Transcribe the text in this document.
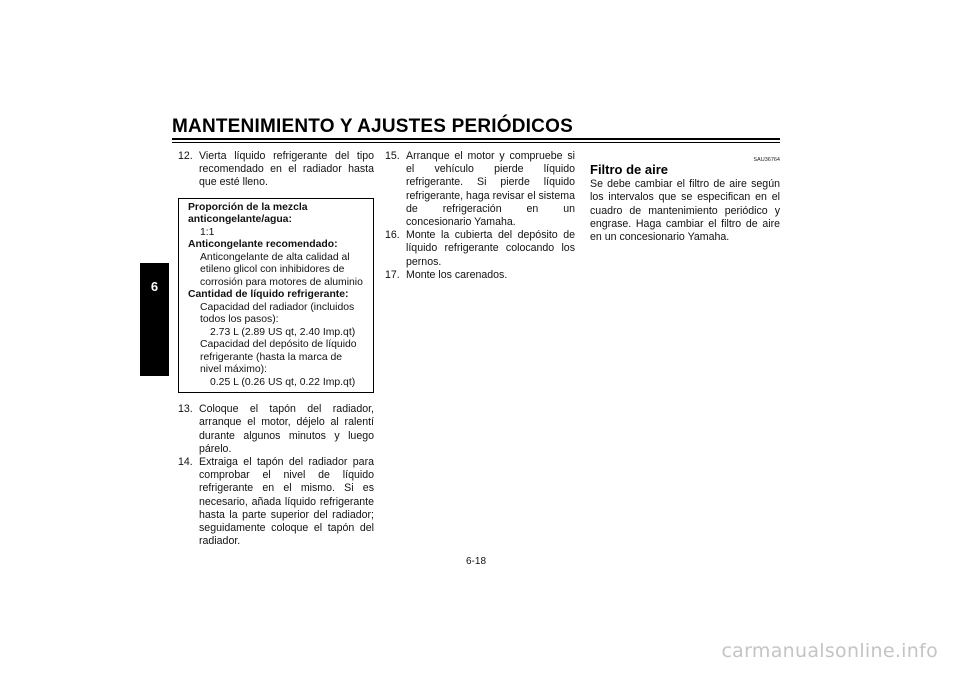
MANTENIMIENTO Y AJUSTES PERIÓDICOS
6
12. Vierta líquido refrigerante del tipo recomendado en el radiador hasta que esté lleno.
Proporción de la mezcla anticongelante/agua:
1:1
Anticongelante recomendado:
Anticongelante de alta calidad al etileno glicol con inhibidores de corrosión para motores de aluminio
Cantidad de líquido refrigerante:
Capacidad del radiador (incluidos todos los pasos):
2.73 L (2.89 US qt, 2.40 Imp.qt)
Capacidad del depósito de líquido refrigerante (hasta la marca de nivel máximo):
0.25 L (0.26 US qt, 0.22 Imp.qt)
13. Coloque el tapón del radiador, arranque el motor, déjelo al ralentí durante algunos minutos y luego párelo.
14. Extraiga el tapón del radiador para comprobar el nivel de líquido refrigerante en el mismo. Si es necesario, añada líquido refrigerante hasta la parte superior del radiador; seguidamente coloque el tapón del radiador.
15. Arranque el motor y compruebe si el vehículo pierde líquido refrigerante. Si pierde líquido refrigerante, haga revisar el sistema de refrigeración en un concesionario Yamaha.
16. Monte la cubierta del depósito de líquido refrigerante colocando los pernos.
17. Monte los carenados.
SAU36764
Filtro de aire
Se debe cambiar el filtro de aire según los intervalos que se especifican en el cuadro de mantenimiento periódico y engrase. Haga cambiar el filtro de aire en un concesionario Yamaha.
6-18
carmanualsonline.info
